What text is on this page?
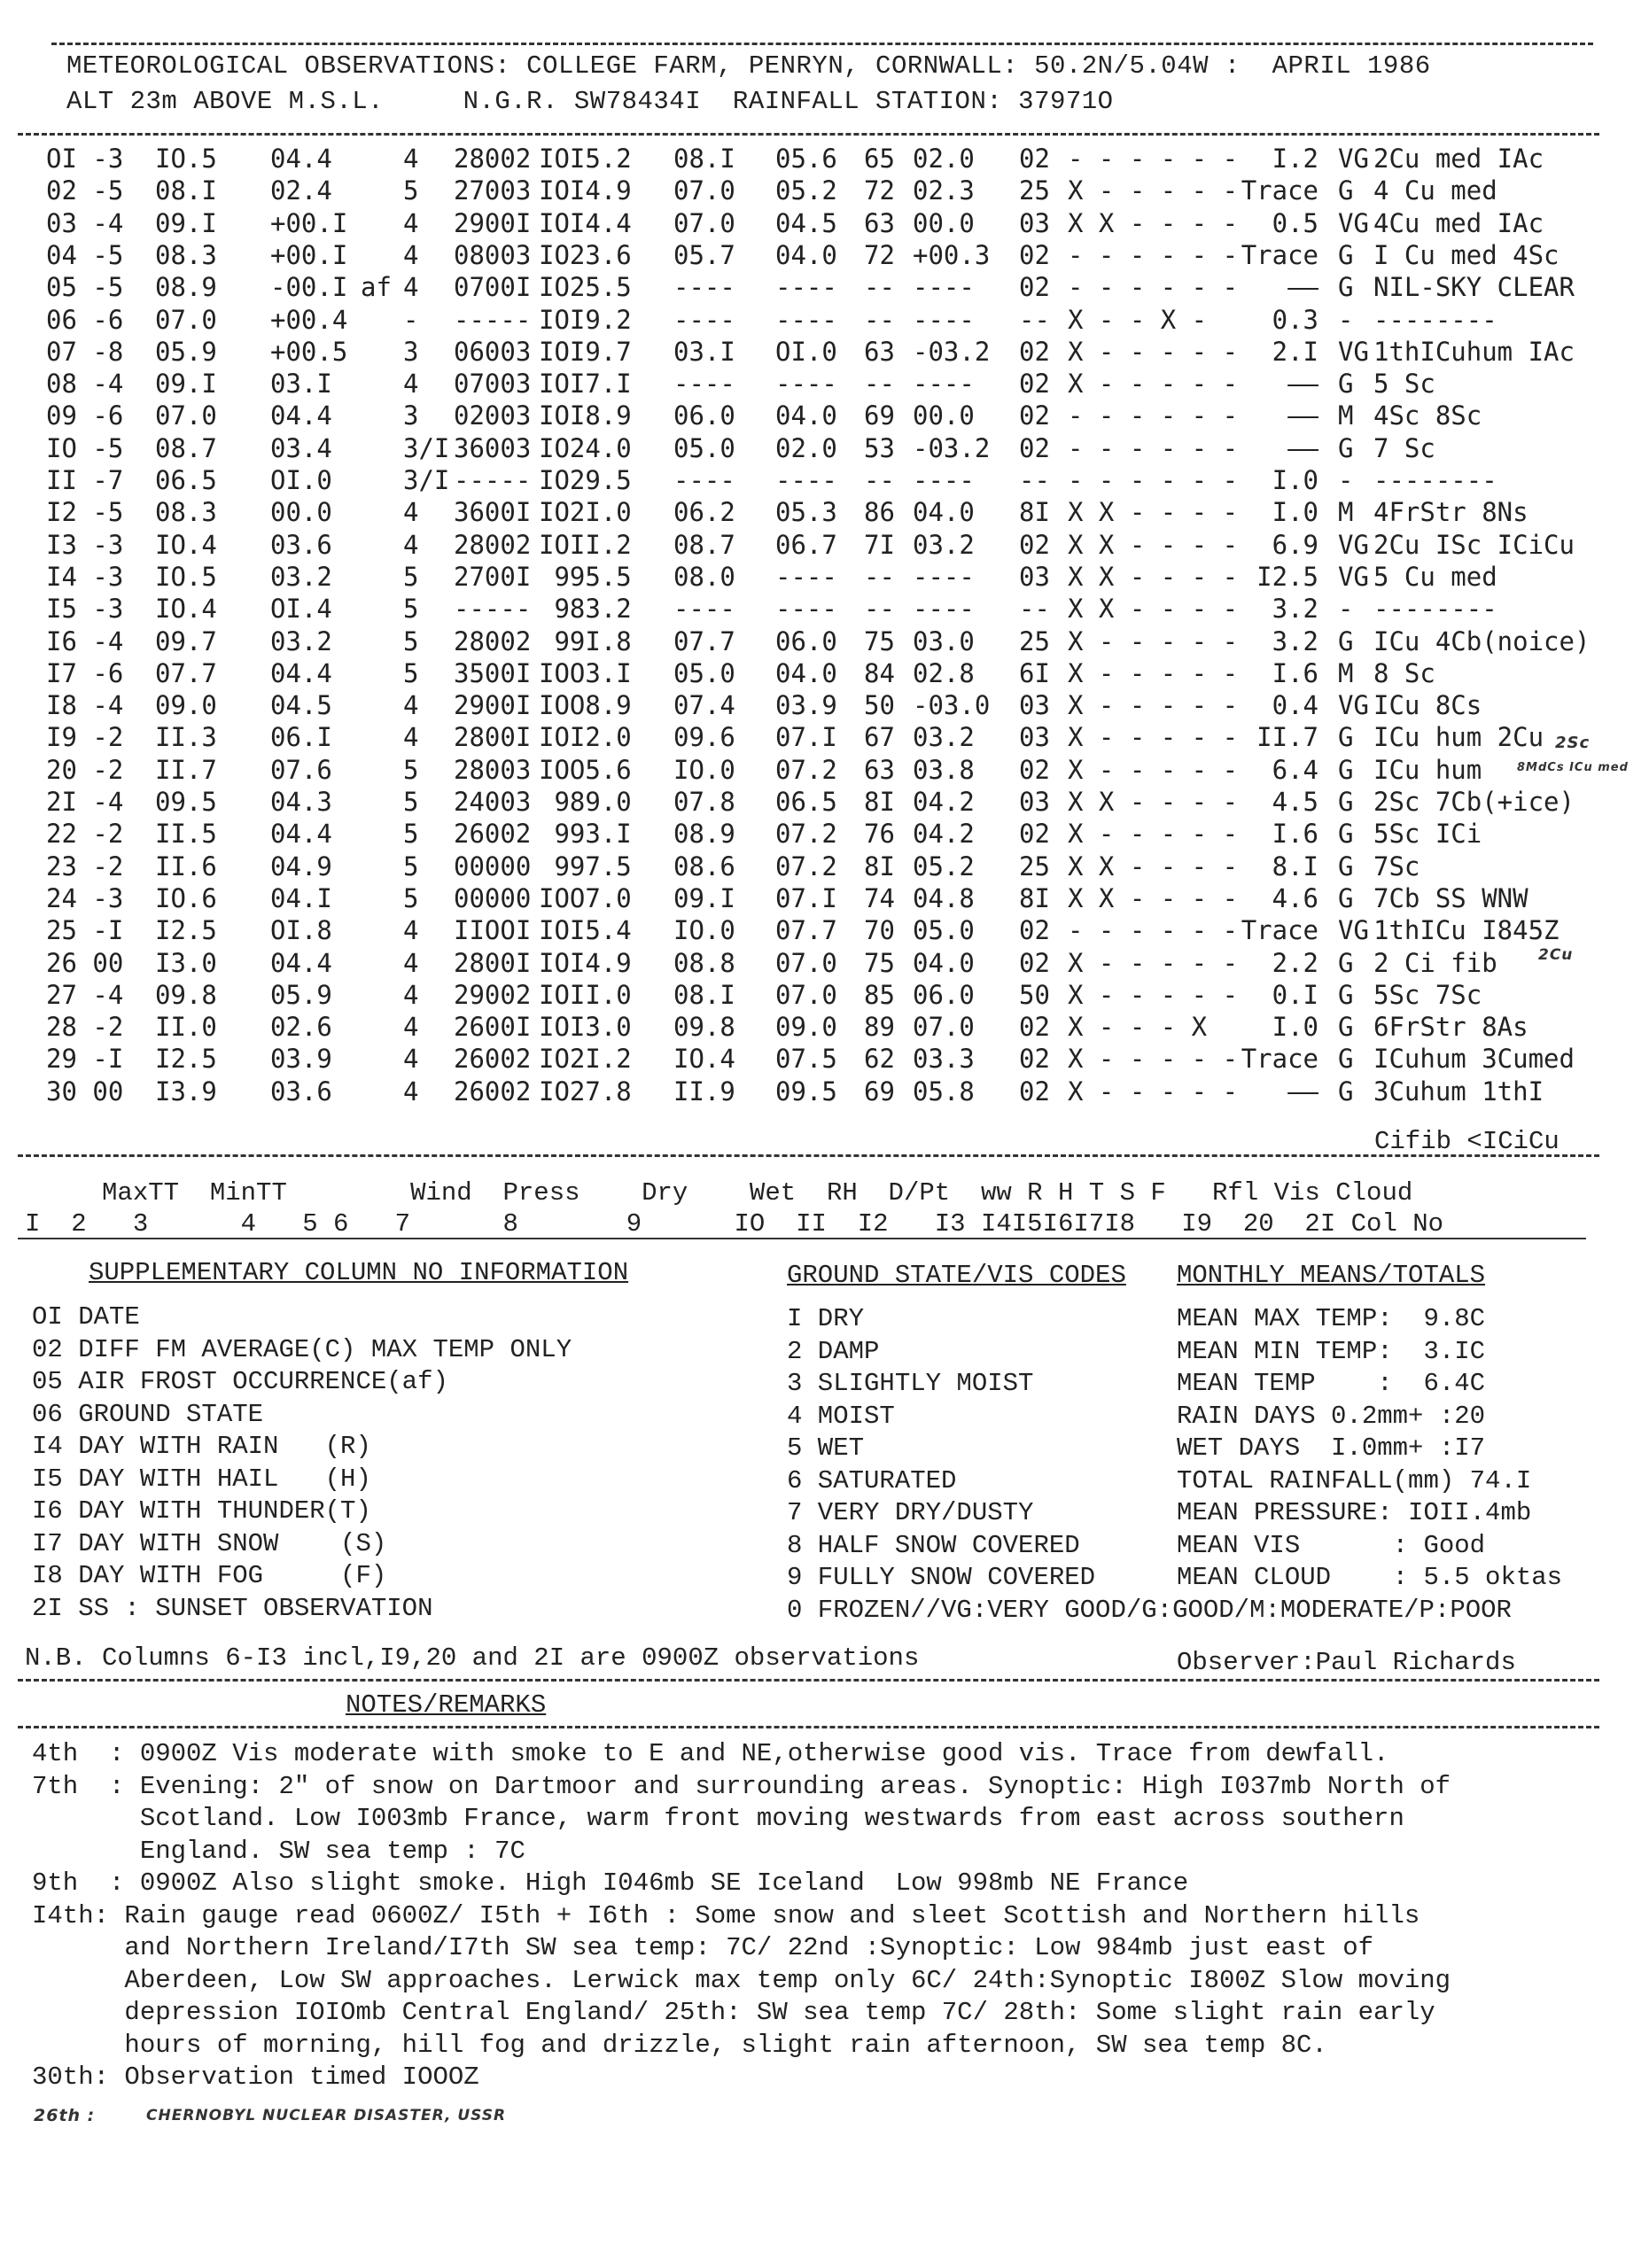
METEOROLOGICAL OBSERVATIONS: COLLEGE FARM, PENRYN, CORNWALL: 50.2N/5.04W :  APRIL 1986
ALT 23m ABOVE M.S.L.     N.G.R. SW78434I  RAINFALL STATION: 37971O
OI -3 IO.5 04.4	4 28002 IOI5.2 08.I 05.6 65 02.0 02 - - - - - -	I.2 VG 2Cu med IAc
02 -5 08.I 02.4	5 27003 IOI4.9 07.0 05.2 72 02.3 25 X - - - - - Trace G 4 Cu med
03 -4 09.I +00.I 4 2900I IOI4.4 07.0 04.5 63 00.0 03 X X - - - -	0.5 VG 4Cu med IAc
04 -5 08.3 +00.I 4 08003 IO23.6 05.7 04.0 72 +00.3 02 - - - - - - Trace G I Cu med 4Sc
05 -5 08.9 -00.I af 4 0700I IO25.5 ---- ---- -- ---- 02 - - - - - -	—— G NIL-SKY CLEAR
06 -6 07.0 +00.4 - ----- IOI9.2 ---- ---- -- ---- -- X - - X -	0.3 - --------
07 -8 05.9 +00.5 3 06003 IOI9.7 03.I OI.0 63 -03.2 02 X - - - - -	2.I VG 1thICuhum IAc
08 -4 09.I 03.I	4 07003 IOI7.I ---- ---- -- ---- 02 X - - - - -	—— G 5 Sc
09 -6 07.0 04.4	3 02003 IOI8.9 06.0 04.0 69 00.0 02 - - - - - -	—— M 4Sc 8Sc
IO -5 08.7 03.4	3/I 36003 IO24.0 05.0 02.0 53 -03.2 02 - - - - - -	—— G 7 Sc
II -7 06.5 OI.0	3/I ----- IO29.5 ---- ---- -- ---- -- - - - - - -	I.0 - --------
I2 -5 08.3 00.0	4 3600I IO2I.0 06.2 05.3 86 04.0 8I X X - - - -	I.0 M 4FrStr 8Ns
I3 -3 IO.4 03.6	4 28002 IOII.2 08.7 06.7 7I 03.2 02 X X - - - -	6.9 VG 2Cu ISc ICiCu
I4 -3 IO.5 03.2	5 2700I 995.5 08.0 ---- -- ---- 03 X X - - - - I2.5 VG 5 Cu med
I5 -3 IO.4 OI.4	5 ----- 983.2 ---- ---- -- ---- -- X X - - - -	3.2 - --------
I6 -4 09.7 03.2	5 28002 99I.8 07.7 06.0 75 03.0 25 X - - - - -	3.2 G ICu 4Cb(noice)
I7 -6 07.7 04.4	5 3500I IOO3.I 05.0 04.0 84 02.8 6I X - - - - -	I.6 M 8 Sc
I8 -4 09.0 04.5	4 2900I IOO8.9 07.4 03.9 50 -03.0 03 X - - - - -	0.4 VG ICu 8Cs
I9 -2 II.3 06.I	4 2800I IOI2.0 09.6 07.I 67 03.2 03 X - - - - - II.7 G ICu hum 2Cu
20 -2 II.7 07.6	5 28003 IOO5.6 IO.0 07.2 63 03.8 02 X - - - - -	6.4 G ICu hum
2I -4 09.5 04.3	5 24003 989.0 07.8 06.5 8I 04.2 03 X X - - - -	4.5 G 2Sc 7Cb(+ice)
22 -2 II.5 04.4	5 26002 993.I 08.9 07.2 76 04.2 02 X - - - - -	I.6 G 5Sc ICi
23 -2 II.6 04.9	5 00000 997.5 08.6 07.2 8I 05.2 25 X X - - - -	8.I G 7Sc
24 -3 IO.6 04.I	5 00000 IOO7.0 09.I 07.I 74 04.8 8I X X - - - -	4.6 G 7Cb SS WNW
25 -I I2.5 OI.8	4 IIOOI IOI5.4 IO.0 07.7 70 05.0 02 - - - - - - Trace VG 1thICu I845Z
26 00 I3.0 04.4	4 2800I IOI4.9 08.8 07.0 75 04.0 02 X - - - - -	2.2 G 2 Ci fib
27 -4 09.8 05.9	4 29002 IOII.0 08.I 07.0 85 06.0 50 X - - - - -	0.I G 5Sc 7Sc
28 -2 II.0 02.6	4 2600I IOI3.0 09.8 09.0 89 07.0 02 X - - - X	I.0 G 6FrStr 8As
29 -I I2.5 03.9	4 26002 IO2I.2 IO.4 07.5 62 03.3 02 X - - - - - Trace G ICuhum 3Cumed
30 00 I3.9 03.6	4 26002 IO27.8 II.9 09.5 69 05.8 02 X - - - - -	—— G 3Cuhum 1thI
Cifib <ICiCu
2Sc
8MdCs ICu med
2Cu
MaxTT  MinTT        Wind  Press    Dry    Wet  RH  D/Pt  ww R H T S F   Rfl Vis Cloud
I  2   3      4   5 6   7      8       9      IO  II  I2   I3 I4I5I6I7I8   I9  20  2I Col No
SUPPLEMENTARY COLUMN NO INFORMATION
OI DATE
02 DIFF FM AVERAGE(C) MAX TEMP ONLY
05 AIR FROST OCCURRENCE(af)
06 GROUND STATE
I4 DAY WITH RAIN   (R)
I5 DAY WITH HAIL   (H)
I6 DAY WITH THUNDER(T)
I7 DAY WITH SNOW    (S)
I8 DAY WITH FOG     (F)
2I SS : SUNSET OBSERVATION
GROUND STATE/VIS CODES
I DRY
2 DAMP
3 SLIGHTLY MOIST
4 MOIST
5 WET
6 SATURATED
7 VERY DRY/DUSTY
8 HALF SNOW COVERED
9 FULLY SNOW COVERED
0 FROZEN//VG:VERY GOOD/G:GOOD/M:MODERATE/P:POOR
MONTHLY MEANS/TOTALS
MEAN MAX TEMP:  9.8C
MEAN MIN TEMP:  3.IC
MEAN TEMP    :  6.4C
RAIN DAYS 0.2mm+ :20
WET DAYS  I.0mm+ :I7
TOTAL RAINFALL(mm) 74.I
MEAN PRESSURE: IOII.4mb
MEAN VIS      : Good
MEAN CLOUD    : 5.5 oktas
N.B. Columns 6-I3 incl,I9,20 and 2I are 0900Z observations	Observer:Paul Richards
NOTES/REMARKS
4th  : 0900Z Vis moderate with smoke to E and NE,otherwise good vis. Trace from dewfall.
7th  : Evening: 2" of snow on Dartmoor and surrounding areas. Synoptic: High I037mb North of
Scotland. Low I003mb France, warm front moving westwards from east across southern
England. SW sea temp : 7C
9th  : 0900Z Also slight smoke. High I046mb SE Iceland  Low 998mb NE France
I4th: Rain gauge read 0600Z/ I5th + I6th : Some snow and sleet Scottish and Northern hills
and Northern Ireland/I7th SW sea temp: 7C/ 22nd :Synoptic: Low 984mb just east of
Aberdeen, Low SW approaches. Lerwick max temp only 6C/ 24th:Synoptic I800Z Slow moving
depression IOIOmb Central England/ 25th: SW sea temp 7C/ 28th: Some slight rain early
hours of morning, hill fog and drizzle, slight rain afternoon, SW sea temp 8C.
30th: Observation timed IOOOZ
26th :	CHERNOBYL NUCLEAR DISASTER, USSR
